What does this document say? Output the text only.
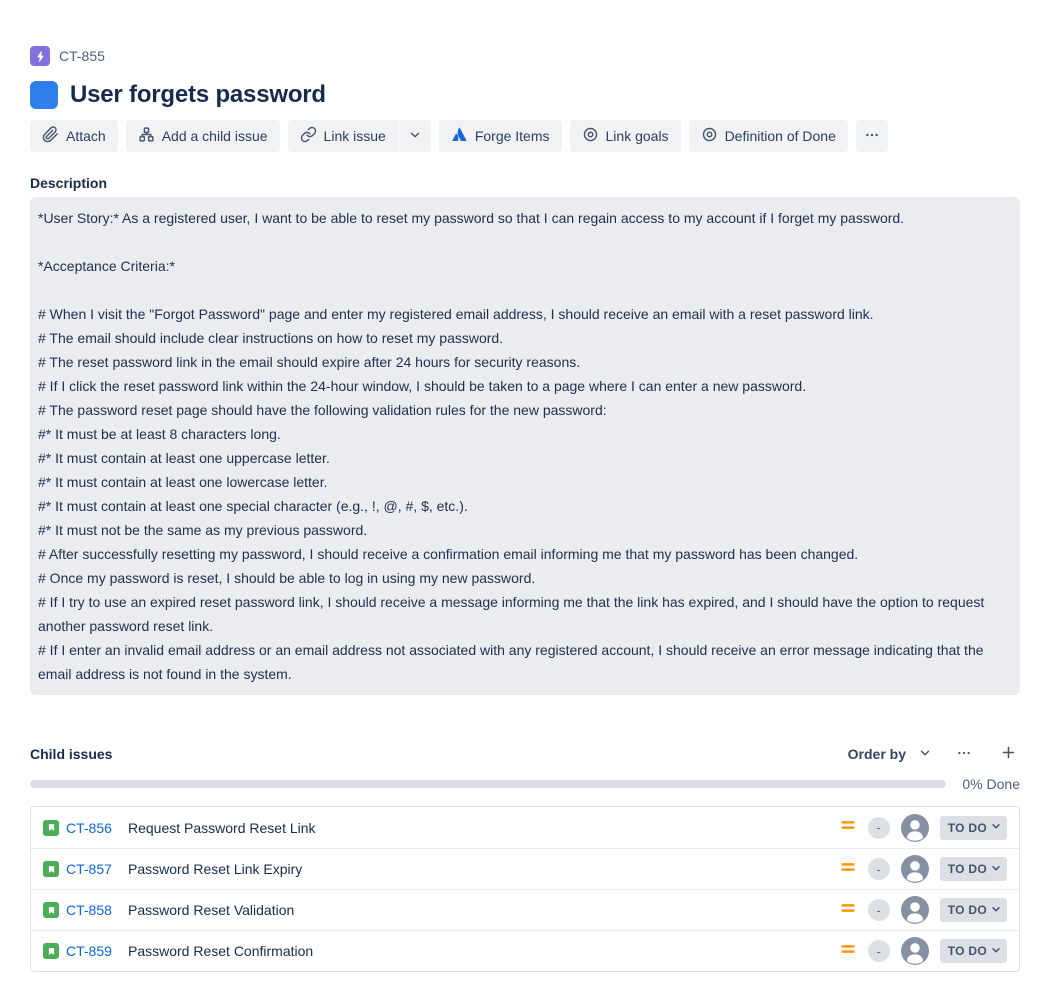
CT-855
User forgets password
Attach	Add a child issue	Link issue	Forge Items	Link goals	Definition of Done
Description
*User Story:* As a registered user, I want to be able to reset my password so that I can regain access to my account if I forget my password.
*Acceptance Criteria:*
# When I visit the "Forgot Password" page and enter my registered email address, I should receive an email with a reset password link.
# The email should include clear instructions on how to reset my password.
# The reset password link in the email should expire after 24 hours for security reasons.
# If I click the reset password link within the 24-hour window, I should be taken to a page where I can enter a new password.
# The password reset page should have the following validation rules for the new password:
#* It must be at least 8 characters long.
#* It must contain at least one uppercase letter.
#* It must contain at least one lowercase letter.
#* It must contain at least one special character (e.g., !, @, #, $, etc.).
#* It must not be the same as my previous password.
# After successfully resetting my password, I should receive a confirmation email informing me that my password has been changed.
# Once my password is reset, I should be able to log in using my new password.
# If I try to use an expired reset password link, I should receive a message informing me that the link has expired, and I should have the option to request another password reset link.
# If I enter an invalid email address or an email address not associated with any registered account, I should receive an error message indicating that the email address is not found in the system.
Child issues	Order by
0% Done
CT-856	Request Password Reset Link	-	TO DO
CT-857	Password Reset Link Expiry	-	TO DO
CT-858	Password Reset Validation	-	TO DO
CT-859	Password Reset Confirmation	-	TO DO
